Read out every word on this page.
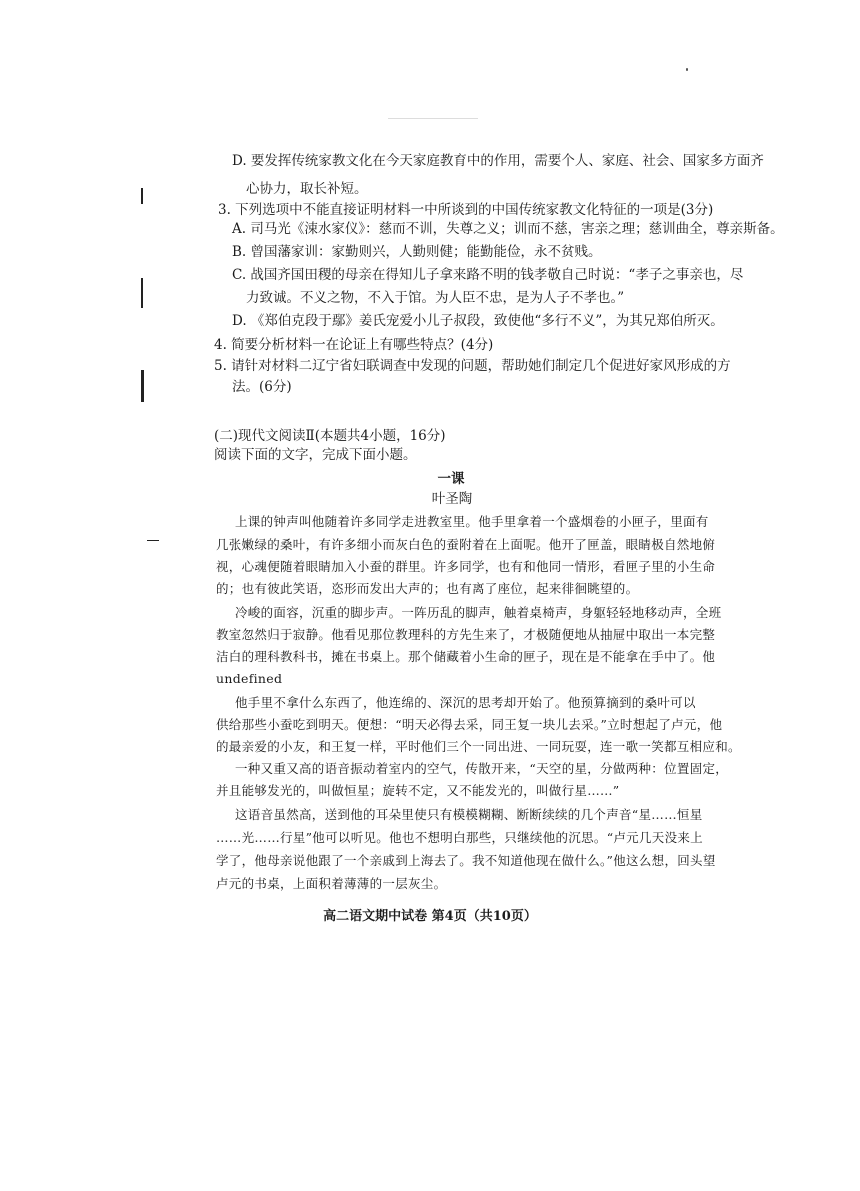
D. 要发挥传统家教文化在今天家庭教育中的作用，需要个人、家庭、社会、国家多方面齐
心协力，取长补短。
3. 下列选项中不能直接证明材料一中所谈到的中国传统家教文化特征的一项是(3分)
A. 司马光《涑水家仪》：慈而不训，失尊之义；训而不慈，害亲之理；慈训曲全，尊亲斯备。
B. 曾国藩家训：家勤则兴，人勤则健；能勤能俭，永不贫贱。
C. 战国齐国田稷的母亲在得知儿子拿来路不明的钱孝敬自己时说：“孝子之事亲也，尽
力致诚。不义之物，不入于馆。为人臣不忠，是为人子不孝也。”
D. 《郑伯克段于鄢》姜氏宠爱小儿子叔段，致使他“多行不义”，为其兄郑伯所灭。
4. 简要分析材料一在论证上有哪些特点？(4分)
5. 请针对材料二辽宁省妇联调查中发现的问题，帮助她们制定几个促进好家风形成的方
法。(6分)
(二)现代文阅读Ⅱ(本题共4小题，16分)
阅读下面的文字，完成下面小题。
一课
叶圣陶
上课的钟声叫他随着许多同学走进教室里。他手里拿着一个盛烟卷的小匣子，里面有
几张嫩绿的桑叶，有许多细小而灰白色的蚕附着在上面呢。他开了匣盖，眼睛极自然地俯
视，心魂便随着眼睛加入小蚕的群里。许多同学，也有和他同一情形，看匣子里的小生命
的；也有彼此笑语，恣形而发出大声的；也有离了座位，起来徘徊眺望的。
冷峻的面容，沉重的脚步声。一阵历乱的脚声，触着桌椅声，身躯轻轻地移动声，全班
教室忽然归于寂静。他看见那位教理科的方先生来了，才极随便地从抽屉中取出一本完整
洁白的理科教科书，摊在书桌上。那个储藏着小生命的匣子，现在是不能拿在手中了。他
undefined
他手里不拿什么东西了，他连绵的、深沉的思考却开始了。他预算摘到的桑叶可以
供给那些小蚕吃到明天。便想：“明天必得去采，同王复一块儿去采。”立时想起了卢元，他
的最亲爱的小友，和王复一样，平时他们三个一同出进、一同玩耍，连一歌一笑都互相应和。
一种又重又高的语音振动着室内的空气，传散开来，“天空的星，分做两种：位置固定，
并且能够发光的，叫做恒星；旋转不定，又不能发光的，叫做行星……”
这语音虽然高，送到他的耳朵里使只有模模糊糊、断断续续的几个声音“星……恒星
……光……行星”他可以听见。他也不想明白那些，只继续他的沉思。“卢元几天没来上
学了，他母亲说他跟了一个亲戚到上海去了。我不知道他现在做什么。”他这么想，回头望
卢元的书桌，上面积着薄薄的一层灰尘。
高二语文期中试卷 第4页（共10页）
